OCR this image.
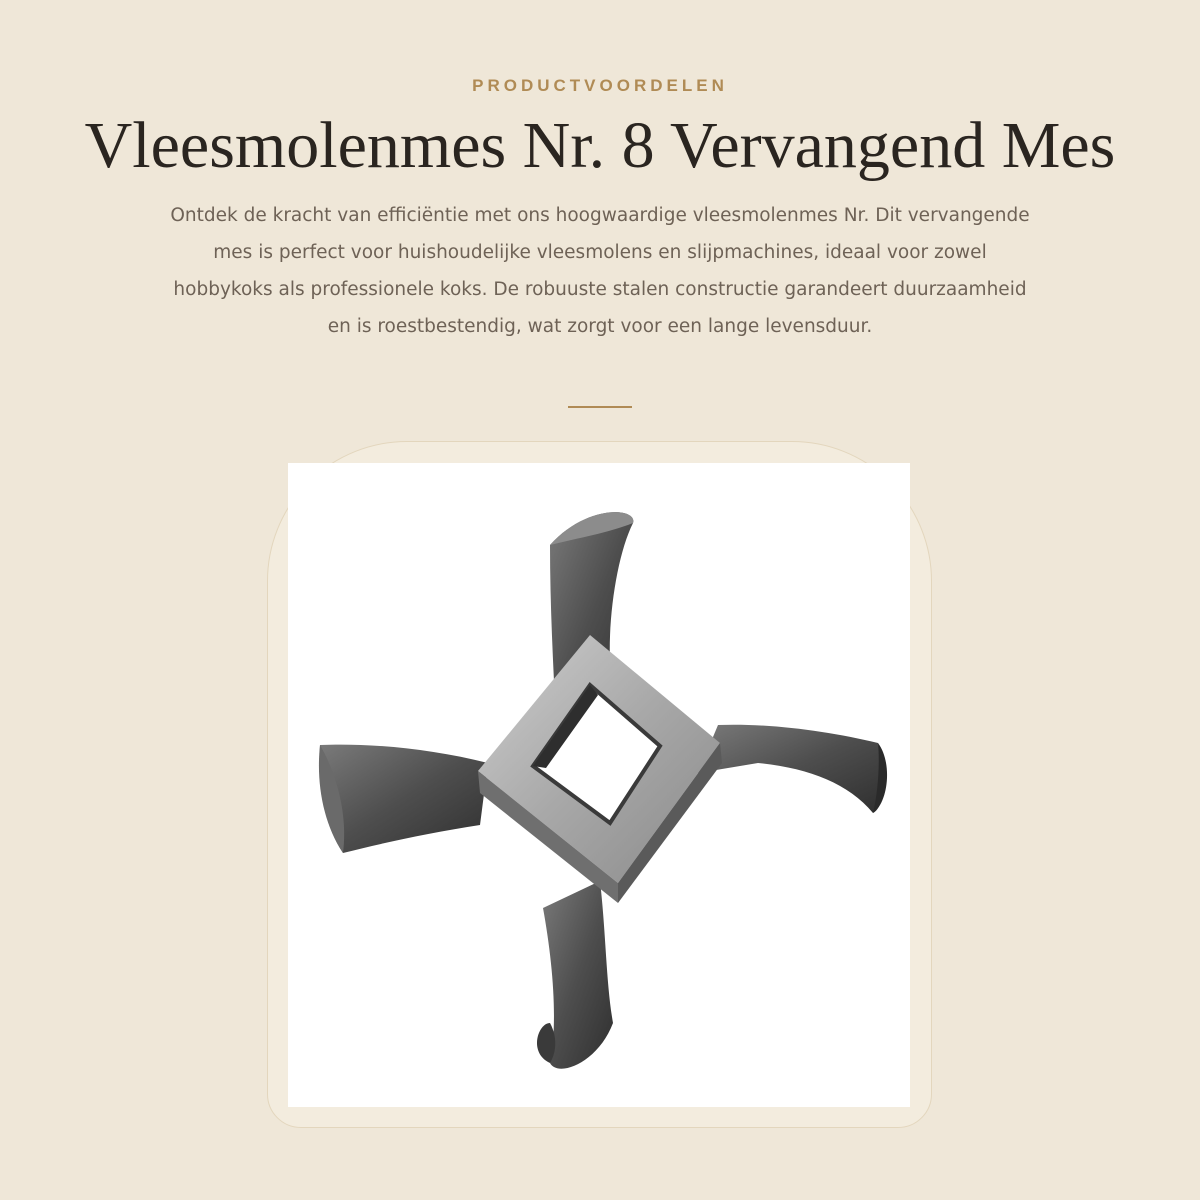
PRODUCTVOORDELEN
Vleesmolenmes Nr. 8 Vervangend Mes

Ontdek de kracht van efficiëntie met ons hoogwaardige vleesmolenmes Nr. Dit vervangende mes is perfect voor huishoudelijke vleesmolens en slijpmachines, ideaal voor zowel hobbykoks als professionele koks. De robuuste stalen constructie garandeert duurzaamheid en is roestbestendig, wat zorgt voor een lange levensduur.
